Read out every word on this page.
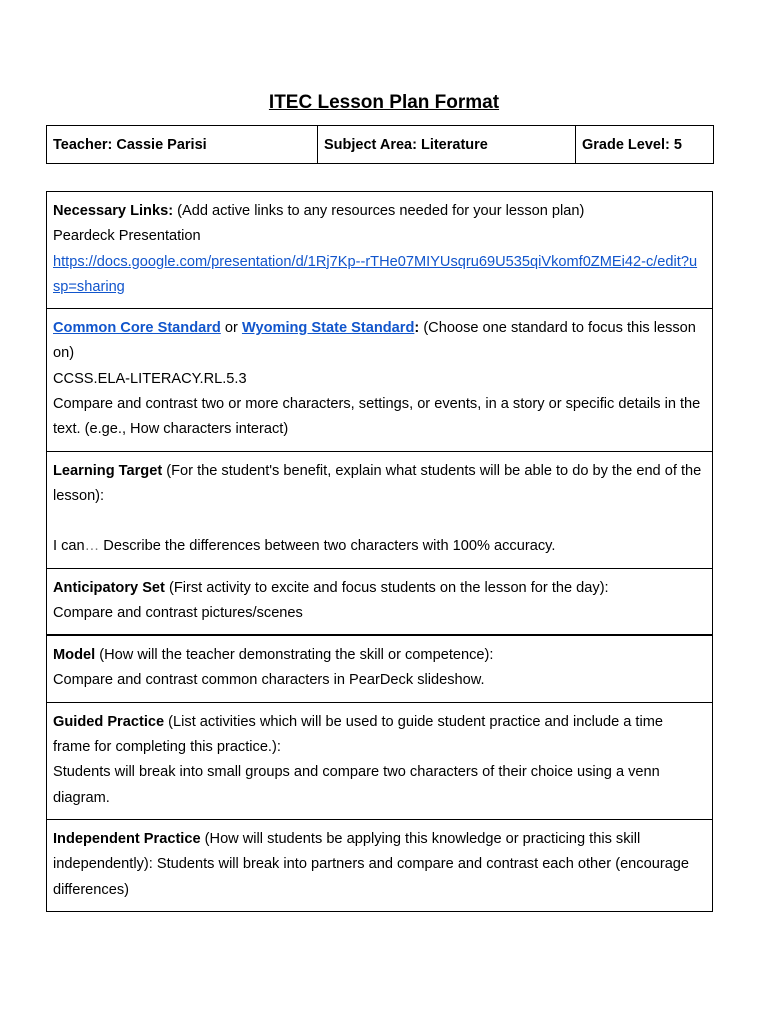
ITEC Lesson Plan Format
Teacher: Cassie Parisi	Subject Area: Literature	Grade Level: 5
Necessary Links: (Add active links to any resources needed for your lesson plan)
Peardeck Presentation
https://docs.google.com/presentation/d/1Rj7Kp--rTHe07MIYUsqru69U535qiVkomf0ZMEi42-c/edit?usp=sharing
Common Core Standard or Wyoming State Standard: (Choose one standard to focus this lesson on)
CCSS.ELA-LITERACY.RL.5.3
Compare and contrast two or more characters, settings, or events, in a story or specific details in the text. (e.ge., How characters interact)
Learning Target (For the student's benefit, explain what students will be able to do by the end of the lesson):
I can… Describe the differences between two characters with 100% accuracy.
Anticipatory Set (First activity to excite and focus students on the lesson for the day):
Compare and contrast pictures/scenes
Model (How will the teacher demonstrating the skill or competence):
Compare and contrast common characters in PearDeck slideshow.
Guided Practice (List activities which will be used to guide student practice and include a time frame for completing this practice.):
Students will break into small groups and compare two characters of their choice using a venn diagram.
Independent Practice (How will students be applying this knowledge or practicing this skill independently): Students will break into partners and compare and contrast each other (encourage differences)
